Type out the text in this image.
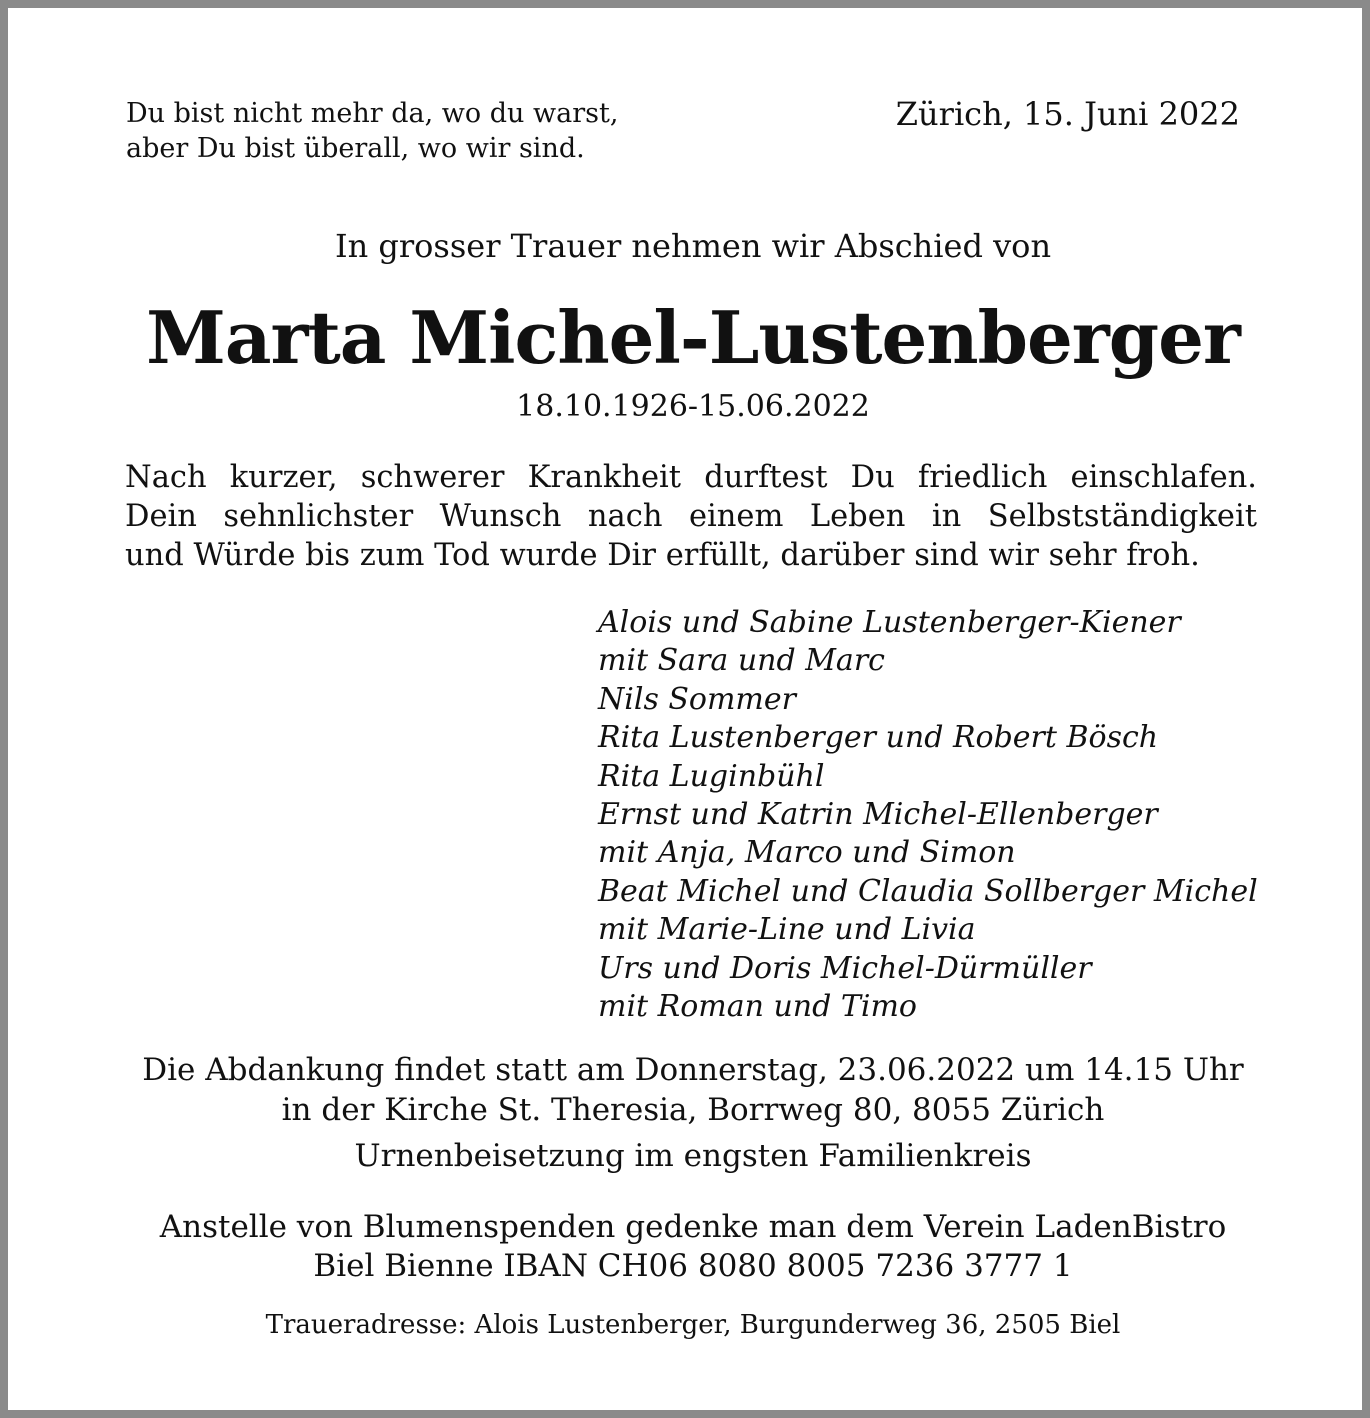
Du bist nicht mehr da, wo du warst,
aber Du bist überall, wo wir sind.
Zürich, 15. Juni 2022
In grosser Trauer nehmen wir Abschied von
Marta Michel-Lustenberger
18.10.1926-15.06.2022
Nach kurzer, schwerer Krankheit durftest Du friedlich einschlafen.
Dein sehnlichster Wunsch nach einem Leben in Selbstständigkeit
und Würde bis zum Tod wurde Dir erfüllt, darüber sind wir sehr froh.
Alois und Sabine Lustenberger-Kiener
mit Sara und Marc
Nils Sommer
Rita Lustenberger und Robert Bösch
Rita Luginbühl
Ernst und Katrin Michel-Ellenberger
mit Anja, Marco und Simon
Beat Michel und Claudia Sollberger Michel
mit Marie-Line und Livia
Urs und Doris Michel-Dürmüller
mit Roman und Timo
Die Abdankung findet statt am Donnerstag, 23.06.2022 um 14.15 Uhr
in der Kirche St. Theresia, Borrweg 80, 8055 Zürich
Urnenbeisetzung im engsten Familienkreis
Anstelle von Blumenspenden gedenke man dem Verein LadenBistro
Biel Bienne IBAN CH06 8080 8005 7236 3777 1
Traueradresse: Alois Lustenberger, Burgunderweg 36, 2505 Biel
